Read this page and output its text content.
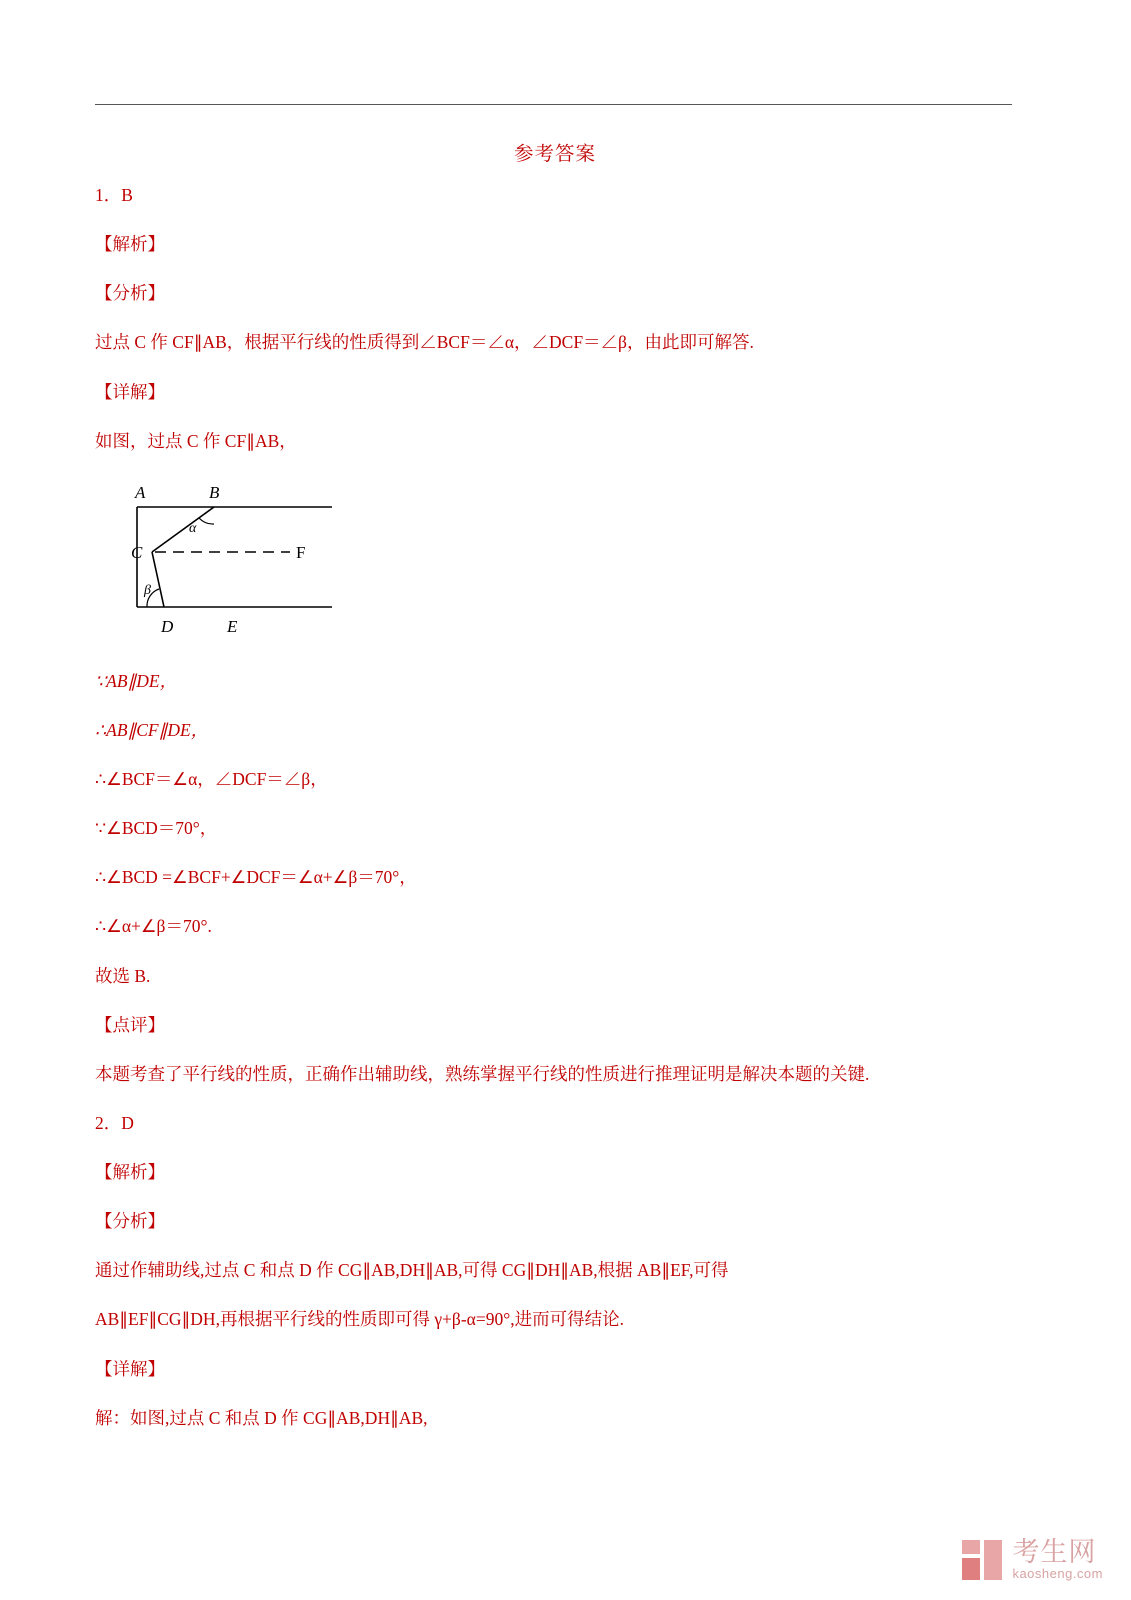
参考答案
1．B
【解析】
【分析】
过点 C 作 CF∥AB，根据平行线的性质得到∠BCF＝∠α，∠DCF＝∠β，由此即可解答.
【详解】
如图，过点 C 作 CF∥AB，
A	B
C	F
D	E
α
β
∵AB∥DE，
∴AB∥CF∥DE，
∴∠BCF＝∠α，∠DCF＝∠β，
∵∠BCD＝70°，
∴∠BCD =∠BCF+∠DCF＝∠α+∠β＝70°，
∴∠α+∠β＝70°.
故选 B.
【点评】
本题考查了平行线的性质，正确作出辅助线，熟练掌握平行线的性质进行推理证明是解决本题的关键.
2．D
【解析】
【分析】
通过作辅助线,过点 C 和点 D 作 CG∥AB,DH∥AB,可得 CG∥DH∥AB,根据 AB∥EF,可得
AB∥EF∥CG∥DH,再根据平行线的性质即可得 γ+β-α=90°,进而可得结论.
【详解】
解：如图,过点 C 和点 D 作 CG∥AB,DH∥AB,
考生网
kaosheng.com
